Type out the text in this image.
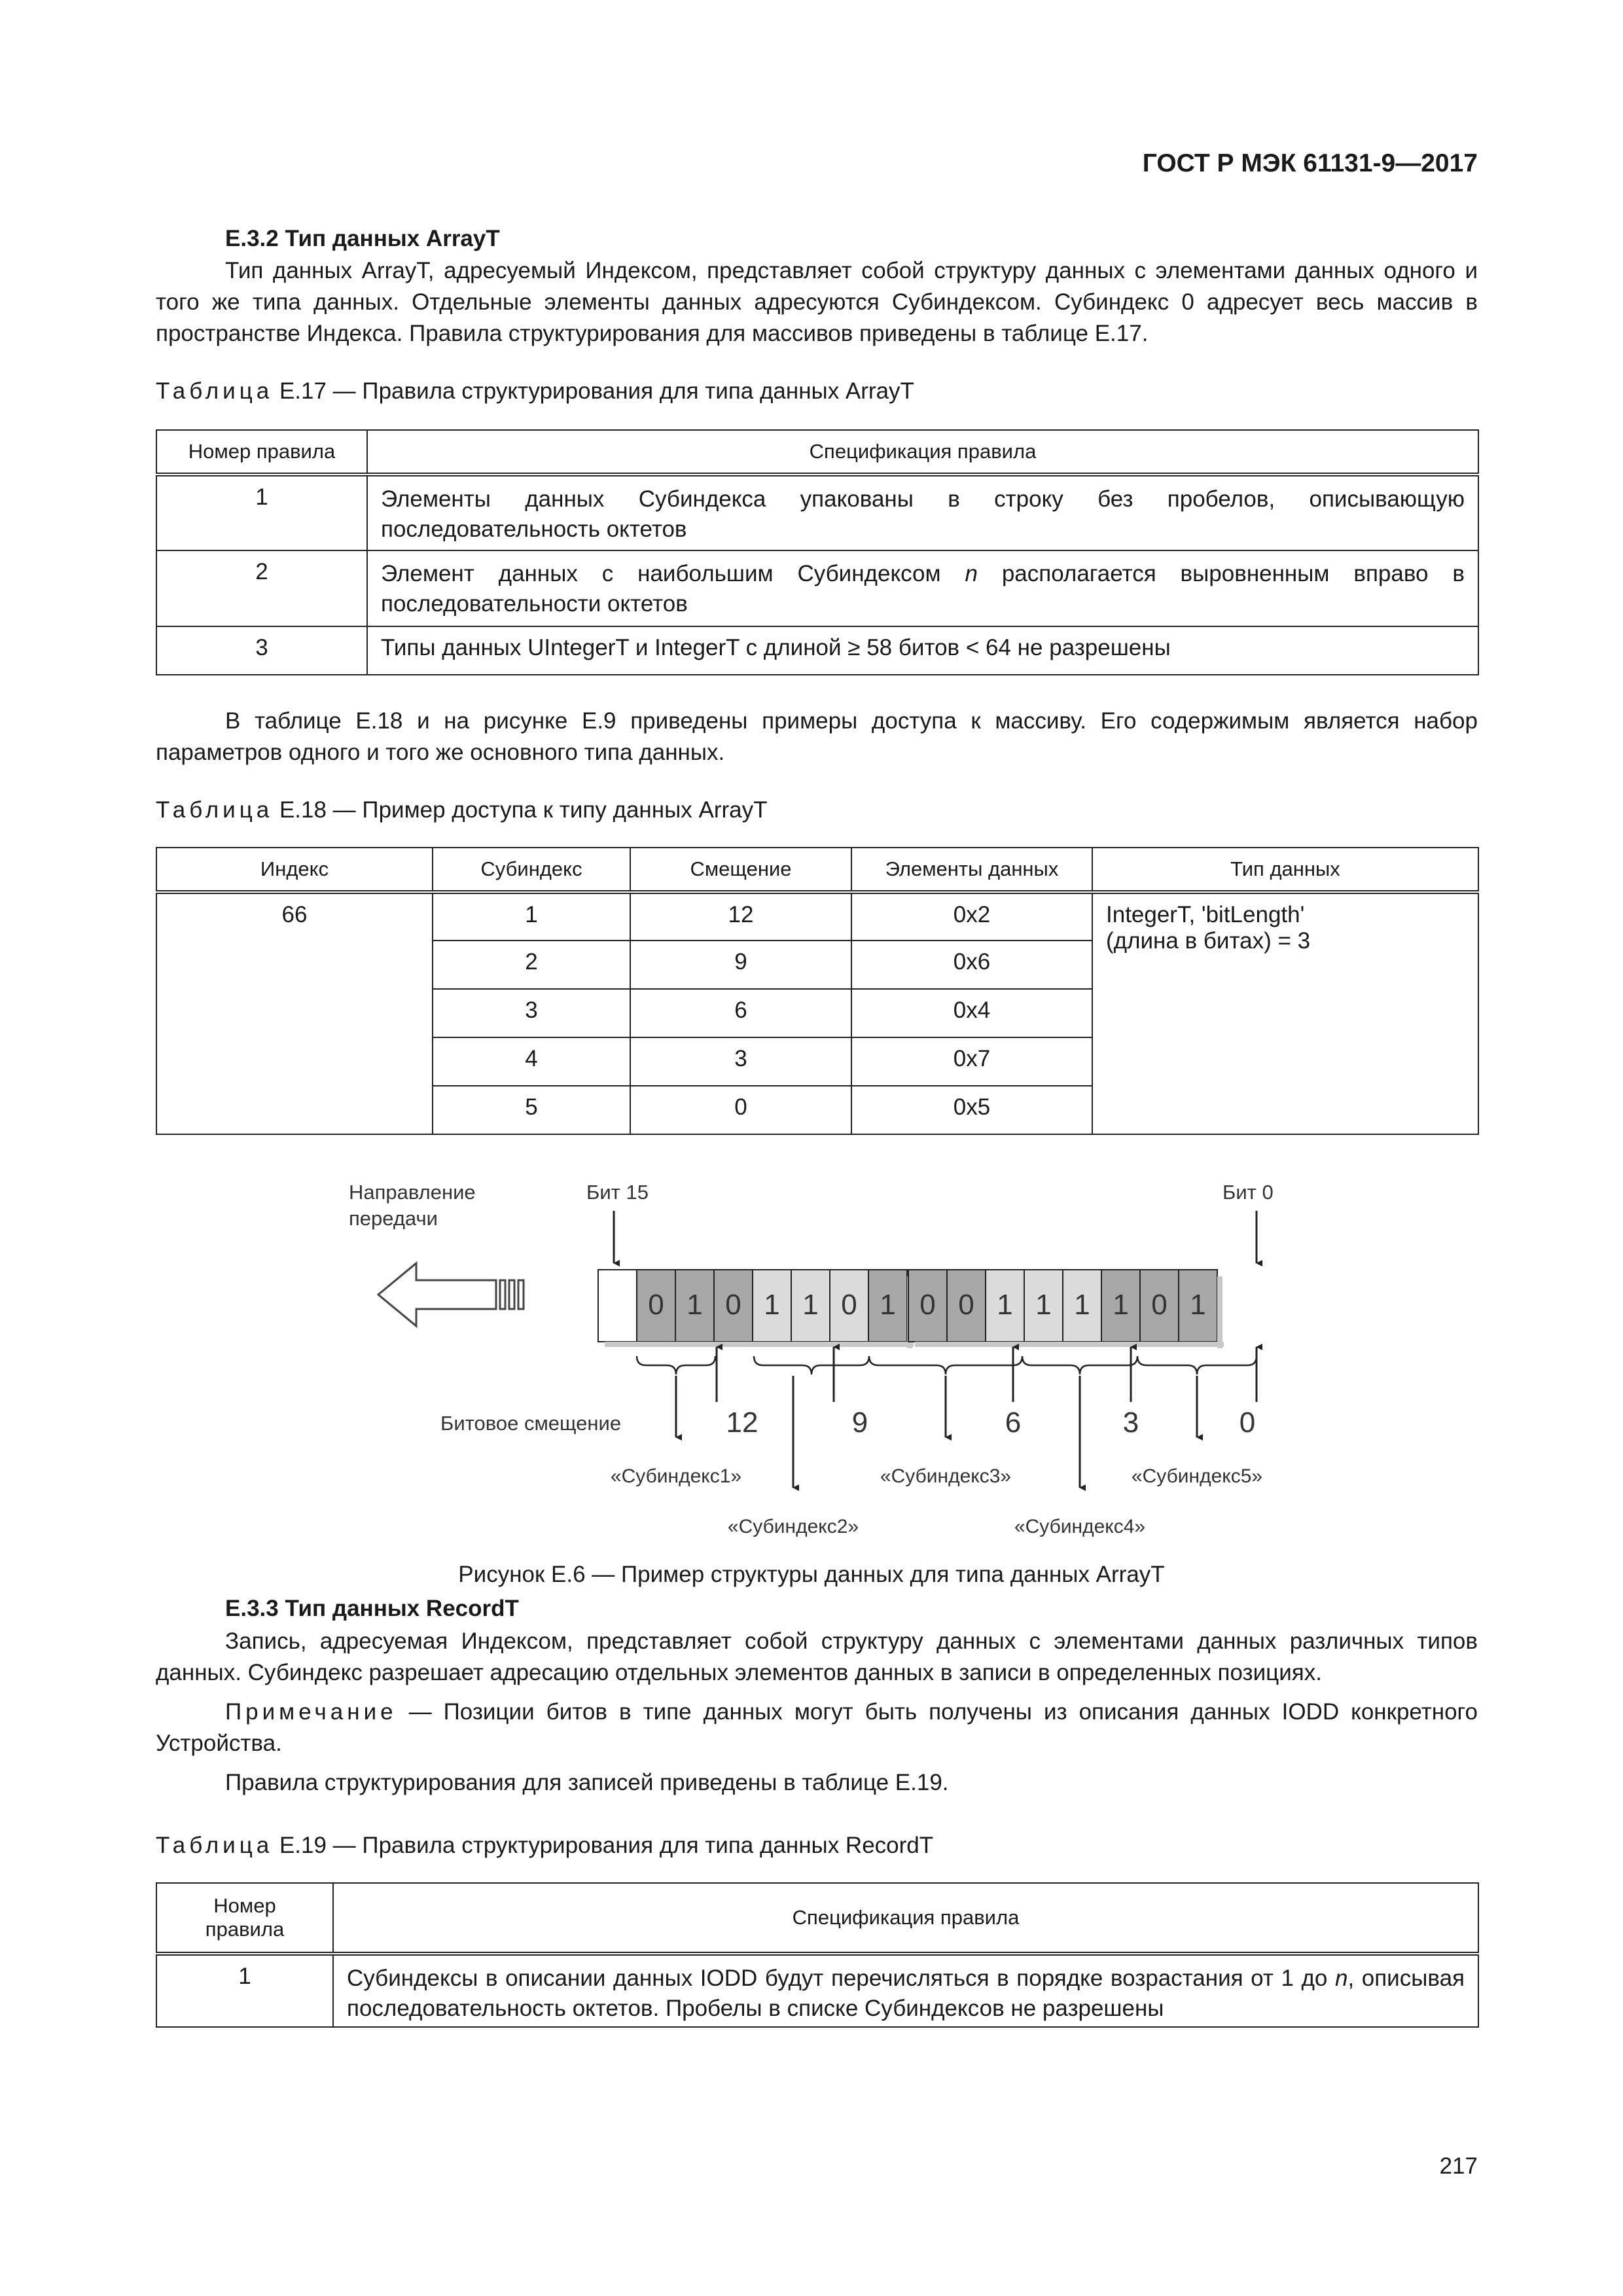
ГОСТ Р МЭК 61131-9—2017
E.3.2 Тип данных ArrayT
Тип данных ArrayT, адресуемый Индексом, представляет собой структуру данных с элементами данных одного и того же типа данных. Отдельные элементы данных адресуются Субиндексом. Субиндекс 0 адресует весь массив в пространстве Индекса. Правила структурирования для массивов приведены в таблице E.17.
Таблица E.17 — Правила структурирования для типа данных ArrayT
Номер правила	Спецификация правила
1	Элементы данных Субиндекса упакованы в строку без пробелов, описывающую последовательность октетов
2	Элемент данных с наибольшим Субиндексом n располагается выровненным вправо в последовательности октетов
3	Типы данных UIntegerT и IntegerT с длиной ≥ 58 битов < 64 не разрешены
В таблице E.18 и на рисунке E.9 приведены примеры доступа к массиву. Его содержимым является набор параметров одного и того же основного типа данных.
Таблица E.18 — Пример доступа к типу данных ArrayT
Индекс	Субиндекс	Смещение	Элементы данных	Тип данных
66	1	12	0x2	IntegerT, 'bitLength'
(длина в битах) = 3

	2	9	0x6	
	3	6	0x4	
	4	3	0x7	
	5	0	0x5	
Направление
передачи
Бит 15	Бит 0
0 1 0 1 1 0 1 0 0 1 1 1 1 0 1
Битовое смещение	12	9	6	3	0
«Субиндекс1»
«Субиндекс2»
«Субиндекс3»
«Субиндекс4»
«Субиндекс5»
Рисунок E.6 — Пример структуры данных для типа данных ArrayT
E.3.3 Тип данных RecordT
Запись, адресуемая Индексом, представляет собой структуру данных с элементами данных различных типов данных. Субиндекс разрешает адресацию отдельных элементов данных в записи в определенных позициях.
Примечание — Позиции битов в типе данных могут быть получены из описания данных IODD конкретного Устройства.
Правила структурирования для записей приведены в таблице E.19.
Таблица E.19 — Правила структурирования для типа данных RecordT
Номер
правила	Спецификация правила
1	Субиндексы в описании данных IODD будут перечисляться в порядке возрастания от 1 до n, описывая последовательность октетов. Пробелы в списке Субиндексов не разрешены
217
